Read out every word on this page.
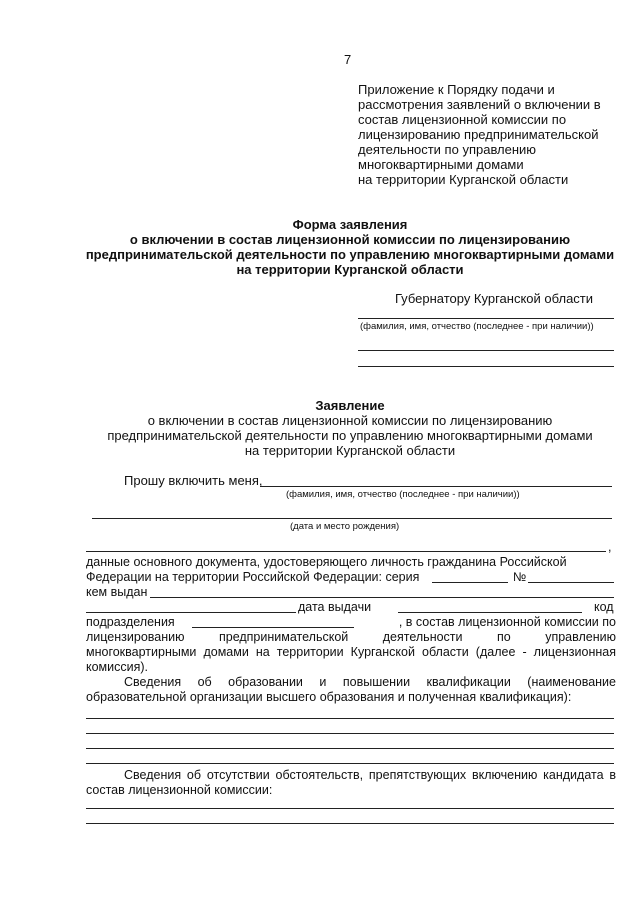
7
Приложение к Порядку подачи и
рассмотрения заявлений о включении в
состав лицензионной комиссии по
лицензированию предпринимательской
деятельности по управлению
многоквартирными домами
на территории Курганской области
Форма заявления
о включении в состав лицензионной комиссии по лицензированию
предпринимательской деятельности по управлению многоквартирными домами
на территории Курганской области
Губернатору Курганской области
(фамилия, имя, отчество (последнее - при наличии))
Заявление
о включении в состав лицензионной комиссии по лицензированию
предпринимательской деятельности по управлению многоквартирными домами
на территории Курганской области
Прошу включить меня,
(фамилия, имя, отчество (последнее - при наличии))
(дата и место рождения)
,
данные основного документа, удостоверяющего личность гражданина Российской
Федерации на территории Российской Федерации: серия	№
кем выдан
дата выдачи	код
подразделения	, в состав лицензионной комиссии по
лицензированию предпринимательской деятельности по управлению
многоквартирными домами на территории Курганской области (далее - лицензионная
комиссия).
Сведения об образовании и повышении квалификации (наименование
образовательной организации высшего образования и полученная квалификация):
Сведения об отсутствии обстоятельств, препятствующих включению кандидата в
состав лицензионной комиссии:
